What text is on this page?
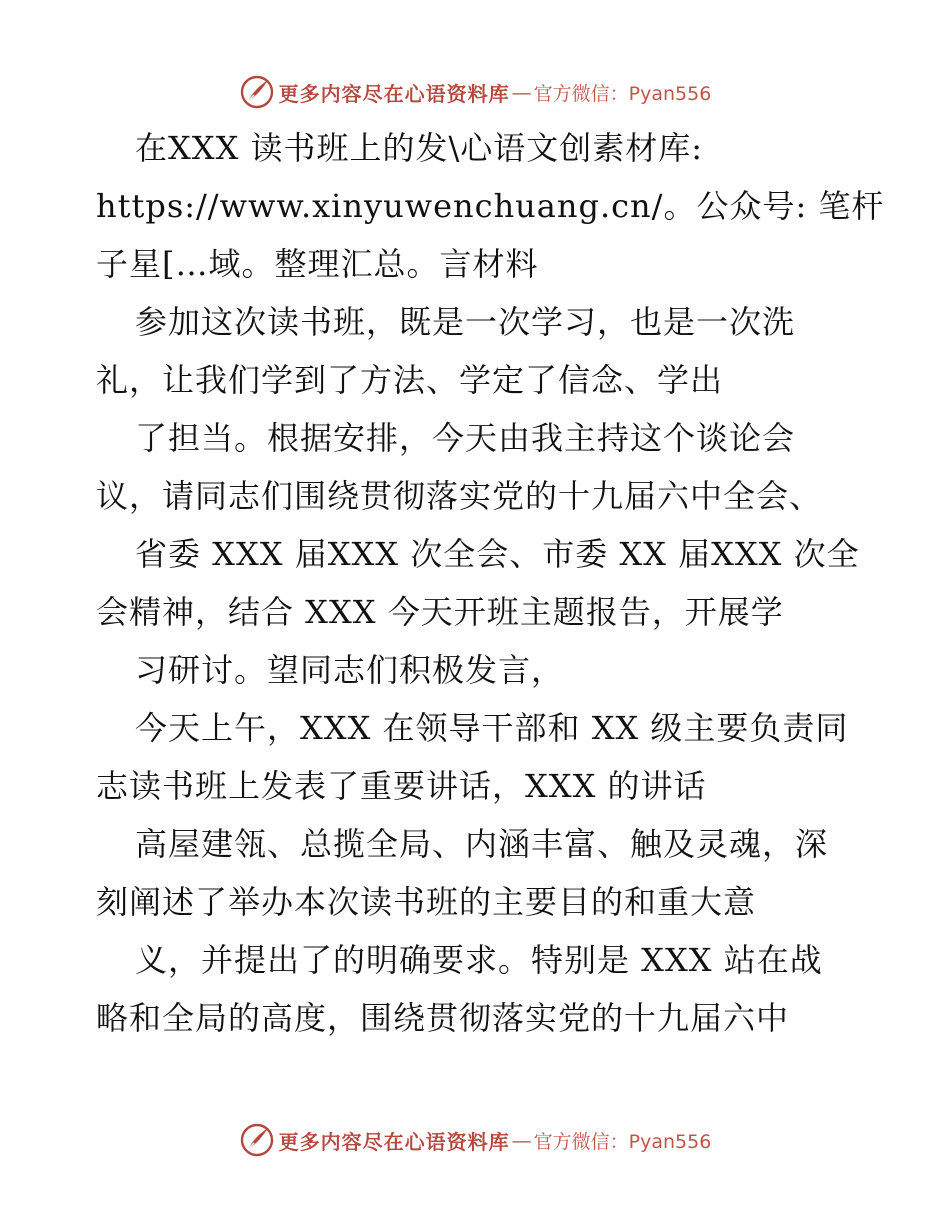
更多内容尽在心语资料库 — 官方微信：Pyan556
在XXX 读书班上的发\心语文创素材库:
https://www.xinyuwenchuang.cn/。公众号: 笔杆
子星[…域。整理汇总。言材料
参加这次读书班，既是一次学习，也是一次洗
礼，让我们学到了方法、学定了信念、学出
了担当。根据安排，今天由我主持这个谈论会
议，请同志们围绕贯彻落实党的十九届六中全会、
省委 XXX 届XXX 次全会、市委 XX 届XXX 次全
会精神，结合 XXX 今天开班主题报告，开展学
习研讨。望同志们积极发言，
今天上午，XXX 在领导干部和 XX 级主要负责同
志读书班上发表了重要讲话，XXX 的讲话
高屋建瓴、总揽全局、内涵丰富、触及灵魂，深
刻阐述了举办本次读书班的主要目的和重大意
义，并提出了的明确要求。特别是 XXX 站在战
略和全局的高度，围绕贯彻落实党的十九届六中
更多内容尽在心语资料库 — 官方微信：Pyan556
